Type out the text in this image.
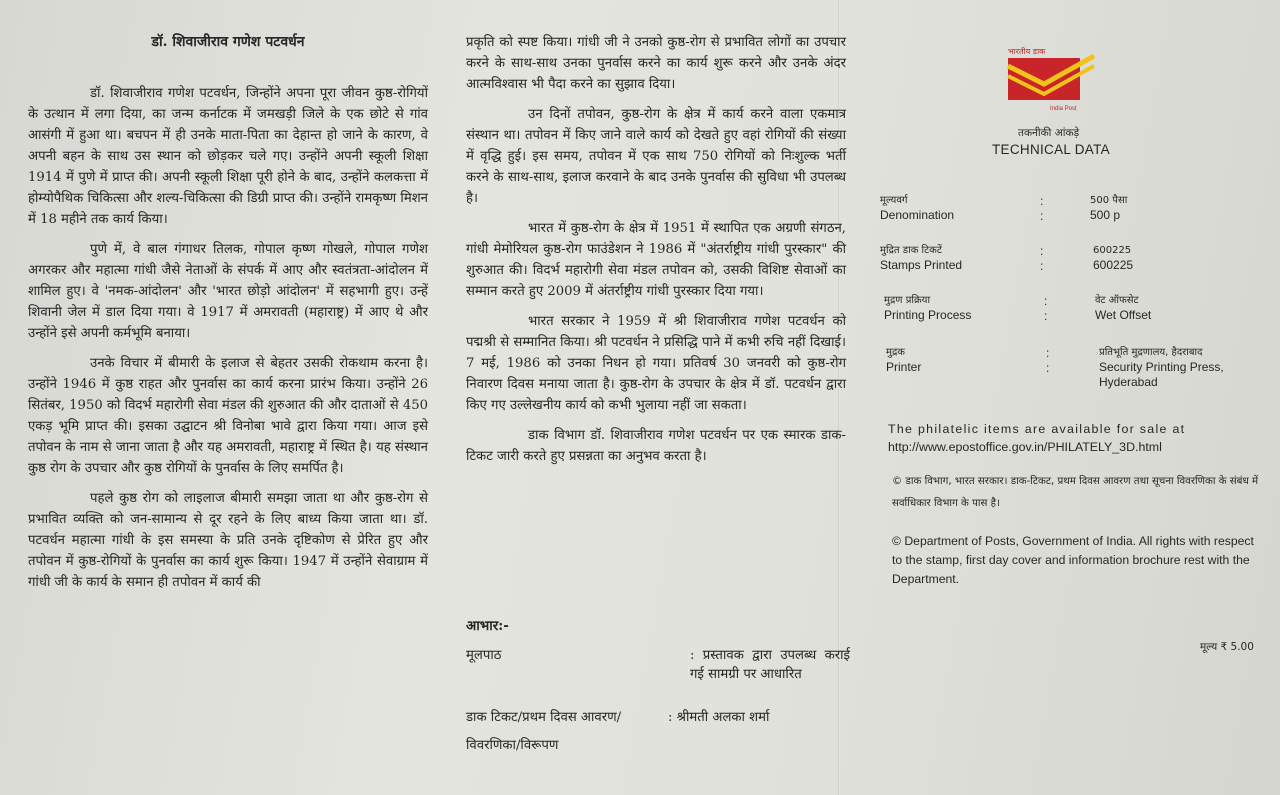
डॉ. शिवाजीराव गणेश पटवर्धन

डॉ. शिवाजीराव गणेश पटवर्धन, जिन्होंने अपना पूरा जीवन कुष्ठ-रोगियों के उत्थान में लगा दिया, का जन्म कर्नाटक में जमखड़ी जिले के एक छोटे से गांव आसंगी में हुआ था। बचपन में ही उनके माता-पिता का देहान्त हो जाने के कारण, वे अपनी बहन के साथ उस स्थान को छोड़कर चले गए। उन्होंने अपनी स्कूली शिक्षा 1914 में पुणे में प्राप्त की। अपनी स्कूली शिक्षा पूरी होने के बाद, उन्होंने कलकत्ता में होम्योपैथिक चिकित्सा और शल्य-चिकित्सा की डिग्री प्राप्त की। उन्होंने रामकृष्ण मिशन में 18 महीने तक कार्य किया।

पुणे में, वे बाल गंगाधर तिलक, गोपाल कृष्ण गोखले, गोपाल गणेश अगरकर और महात्मा गांधी जैसे नेताओं के संपर्क में आए और स्वतंत्रता-आंदोलन में शामिल हुए। वे 'नमक-आंदोलन' और 'भारत छोड़ो आंदोलन' में सहभागी हुए। उन्हें शिवानी जेल में डाल दिया गया। वे 1917 में अमरावती (महाराष्ट्र) में आए थे और उन्होंने इसे अपनी कर्मभूमि बनाया।

उनके विचार में बीमारी के इलाज से बेहतर उसकी रोकथाम करना है। उन्होंने 1946 में कुष्ठ राहत और पुनर्वास का कार्य करना प्रारंभ किया। उन्होंने 26 सितंबर, 1950 को विदर्भ महारोगी सेवा मंडल की शुरुआत की और दाताओं से 450 एकड़ भूमि प्राप्त की। इसका उद्घाटन श्री विनोबा भावे द्वारा किया गया। आज इसे तपोवन के नाम से जाना जाता है और यह अमरावती, महाराष्ट्र में स्थित है। यह संस्थान कुष्ठ रोग के उपचार और कुष्ठ रोगियों के पुनर्वास के लिए समर्पित है।

पहले कुष्ठ रोग को लाइलाज बीमारी समझा जाता था और कुष्ठ-रोग से प्रभावित व्यक्ति को जन-सामान्य से दूर रहने के लिए बाध्य किया जाता था। डॉ. पटवर्धन महात्मा गांधी के इस समस्या के प्रति उनके दृष्टिकोण से प्रेरित हुए और तपोवन में कुष्ठ-रोगियों के पुनर्वास का कार्य शुरू किया। 1947 में उन्होंने सेवाग्राम में गांधी जी के कार्य के समान ही तपोवन में कार्य की

प्रकृति को स्पष्ट किया। गांधी जी ने उनको कुष्ठ-रोग से प्रभावित लोगों का उपचार करने के साथ-साथ उनका पुनर्वास करने का कार्य शुरू करने और उनके अंदर आत्मविश्वास भी पैदा करने का सुझाव दिया।

उन दिनों तपोवन, कुष्ठ-रोग के क्षेत्र में कार्य करने वाला एकमात्र संस्थान था। तपोवन में किए जाने वाले कार्य को देखते हुए वहां रोगियों की संख्या में वृद्धि हुई। इस समय, तपोवन में एक साथ 750 रोगियों को निःशुल्क भर्ती करने के साथ-साथ, इलाज करवाने के बाद उनके पुनर्वास की सुविधा भी उपलब्ध है।

भारत में कुष्ठ-रोग के क्षेत्र में 1951 में स्थापित एक अग्रणी संगठन, गांधी मेमोरियल कुष्ठ-रोग फाउंडेशन ने 1986 में "अंतर्राष्ट्रीय गांधी पुरस्कार" की शुरुआत की। विदर्भ महारोगी सेवा मंडल तपोवन को, उसकी विशिष्ट सेवाओं का सम्मान करते हुए 2009 में अंतर्राष्ट्रीय गांधी पुरस्कार दिया गया।

भारत सरकार ने 1959 में श्री शिवाजीराव गणेश पटवर्धन को पद्मश्री से सम्मानित किया। श्री पटवर्धन ने प्रसिद्धि पाने में कभी रुचि नहीं दिखाई। 7 मई, 1986 को उनका निधन हो गया। प्रतिवर्ष 30 जनवरी को कुष्ठ-रोग निवारण दिवस मनाया जाता है। कुष्ठ-रोग के उपचार के क्षेत्र में डॉ. पटवर्धन द्वारा किए गए उल्लेखनीय कार्य को कभी भुलाया नहीं जा सकता।

डाक विभाग डॉ. शिवाजीराव गणेश पटवर्धन पर एक स्मारक डाक-टिकट जारी करते हुए प्रसन्नता का अनुभव करता है।

आभार:-
मूलपाठ	: प्रस्तावक द्वारा उपलब्ध कराई गई सामग्री पर आधारित
डाक टिकट/प्रथम दिवस आवरण/
विवरणिका/विरूपण
: श्रीमती अलका शर्मा
भारतीय डाक
India Post
तकनीकी आंकड़े
TECHNICAL DATA
मूल्यवर्ग
Denomination
:
:
500 पैसा
500 p
मुद्रित डाक टिकटें
Stamps Printed
:
:
600225
600225
मुद्रण प्रक्रिया
Printing Process
:
:
वेट ऑफसेट
Wet Offset
मुद्रक
Printer
:
:
प्रतिभूति मुद्रणालय, हैदराबाद
Security Printing Press, Hyderabad
The philatelic items are available for sale at
http://www.epostoffice.gov.in/PHILATELY_3D.html
© डाक विभाग, भारत सरकार। डाक-टिकट, प्रथम दिवस आवरण तथा सूचना विवरणिका के संबंध में सर्वाधिकार विभाग के पास है।
© Department of Posts, Government of India. All rights with respect to the stamp, first day cover and information brochure rest with the Department.
मूल्य ₹ 5.00
